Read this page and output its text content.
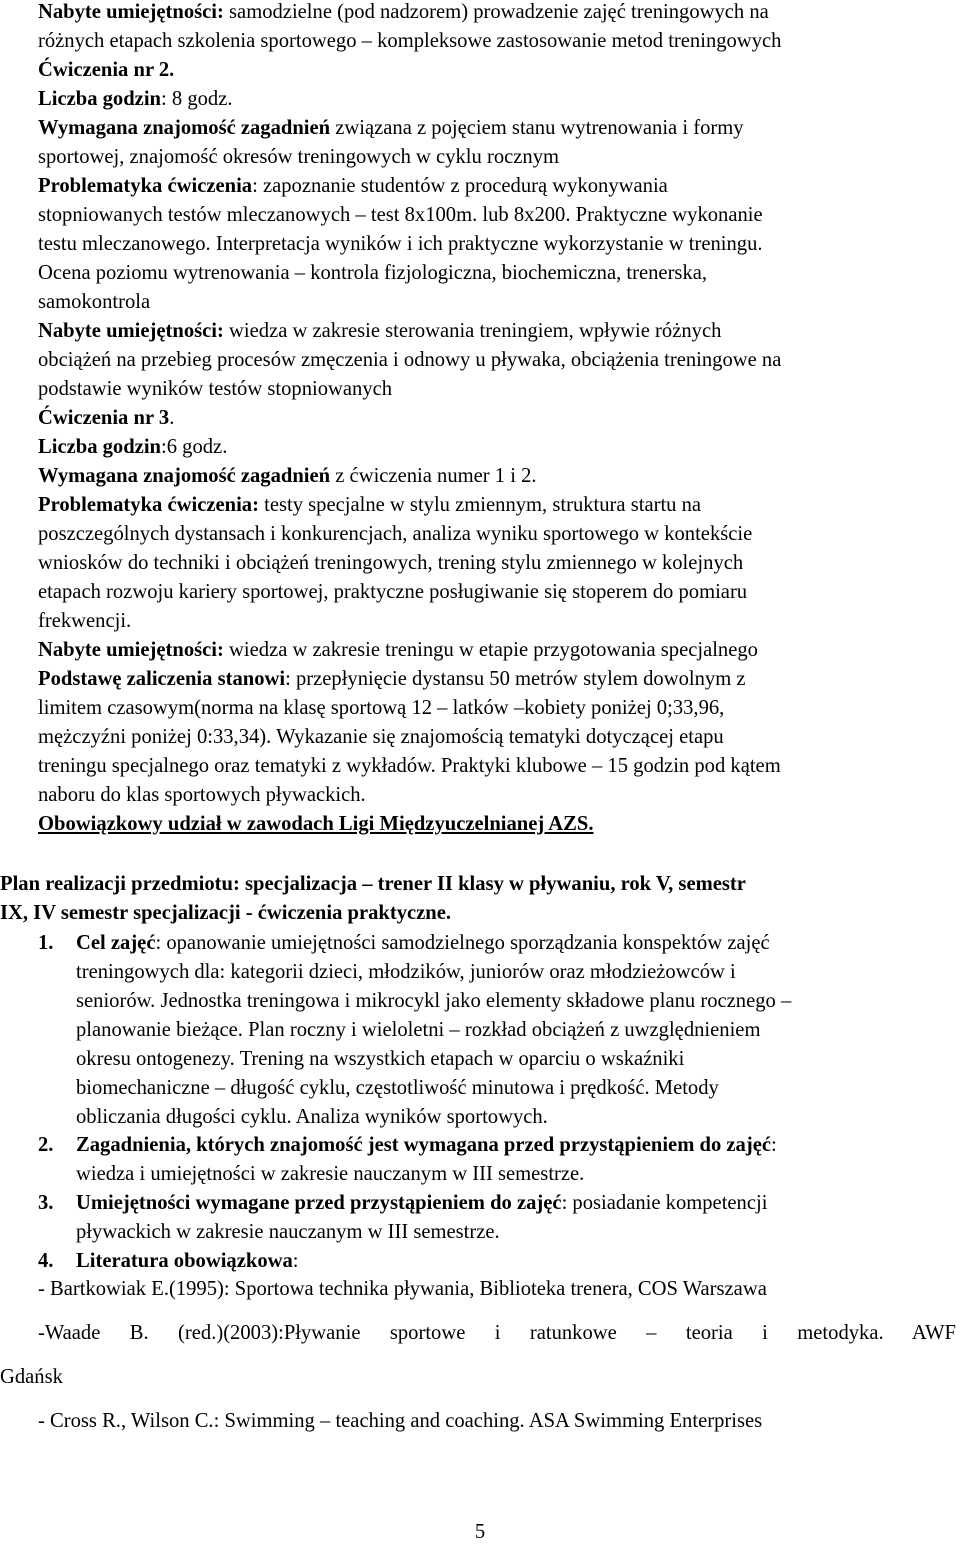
Nabyte umiejętności: samodzielne (pod nadzorem) prowadzenie zajęć treningowych na
różnych etapach szkolenia sportowego – kompleksowe zastosowanie metod treningowych
Ćwiczenia nr 2.
Liczba godzin: 8 godz.
Wymagana znajomość zagadnień związana z pojęciem stanu wytrenowania i formy
sportowej, znajomość okresów treningowych w cyklu rocznym
Problematyka ćwiczenia: zapoznanie studentów z procedurą wykonywania
stopniowanych testów mleczanowych – test 8x100m. lub 8x200. Praktyczne wykonanie
testu mleczanowego. Interpretacja wyników i ich praktyczne wykorzystanie w treningu.
Ocena poziomu wytrenowania – kontrola fizjologiczna, biochemiczna, trenerska,
samokontrola
Nabyte umiejętności: wiedza w zakresie sterowania treningiem, wpływie różnych
obciążeń na przebieg procesów zmęczenia i odnowy u pływaka, obciążenia treningowe na
podstawie wyników testów stopniowanych
Ćwiczenia nr 3.
Liczba godzin:6 godz.
Wymagana znajomość zagadnień z ćwiczenia numer 1 i 2.
Problematyka ćwiczenia: testy specjalne w stylu zmiennym, struktura startu na
poszczególnych dystansach i konkurencjach, analiza wyniku sportowego w kontekście
wniosków do techniki i obciążeń treningowych, trening stylu zmiennego w kolejnych
etapach rozwoju kariery sportowej, praktyczne posługiwanie się stoperem do pomiaru
frekwencji.
Nabyte umiejętności: wiedza w zakresie treningu w etapie przygotowania specjalnego
Podstawę zaliczenia stanowi: przepłynięcie dystansu 50 metrów stylem dowolnym z
limitem czasowym(norma na klasę sportową 12 – latków –kobiety poniżej 0;33,96,
mężczyźni poniżej 0:33,34). Wykazanie się znajomością tematyki dotyczącej etapu
treningu specjalnego oraz tematyki z wykładów. Praktyki klubowe – 15 godzin pod kątem
naboru do klas sportowych pływackich.
Obowiązkowy udział w zawodach Ligi Międzyuczelnianej AZS.
Plan realizacji przedmiotu: specjalizacja – trener II klasy w pływaniu, rok V, semestr
IX, IV semestr specjalizacji - ćwiczenia praktyczne.
1. Cel zajęć: opanowanie umiejętności samodzielnego sporządzania konspektów zajęć
treningowych dla: kategorii dzieci, młodzików, juniorów oraz młodzieżowców i
seniorów. Jednostka treningowa i mikrocykl jako elementy składowe planu rocznego –
planowanie bieżące. Plan roczny i wieloletni – rozkład obciążeń z uwzględnieniem
okresu ontogenezy. Trening na wszystkich etapach w oparciu o wskaźniki
biomechaniczne – długość cyklu, częstotliwość minutowa i prędkość. Metody
obliczania długości cyklu. Analiza wyników sportowych.
2. Zagadnienia, których znajomość jest wymagana przed przystąpieniem do zajęć:
wiedza i umiejętności w zakresie nauczanym w III semestrze.
3. Umiejętności wymagane przed przystąpieniem do zajęć: posiadanie kompetencji
pływackich w zakresie nauczanym w III semestrze.
4. Literatura obowiązkowa:
- Bartkowiak E.(1995): Sportowa technika pływania, Biblioteka trenera, COS Warszawa
-Waade B. (red.)(2003):Pływanie sportowe i ratunkowe – teoria i metodyka. AWF
Gdańsk
- Cross R., Wilson C.: Swimming – teaching and coaching. ASA Swimming Enterprises
5
